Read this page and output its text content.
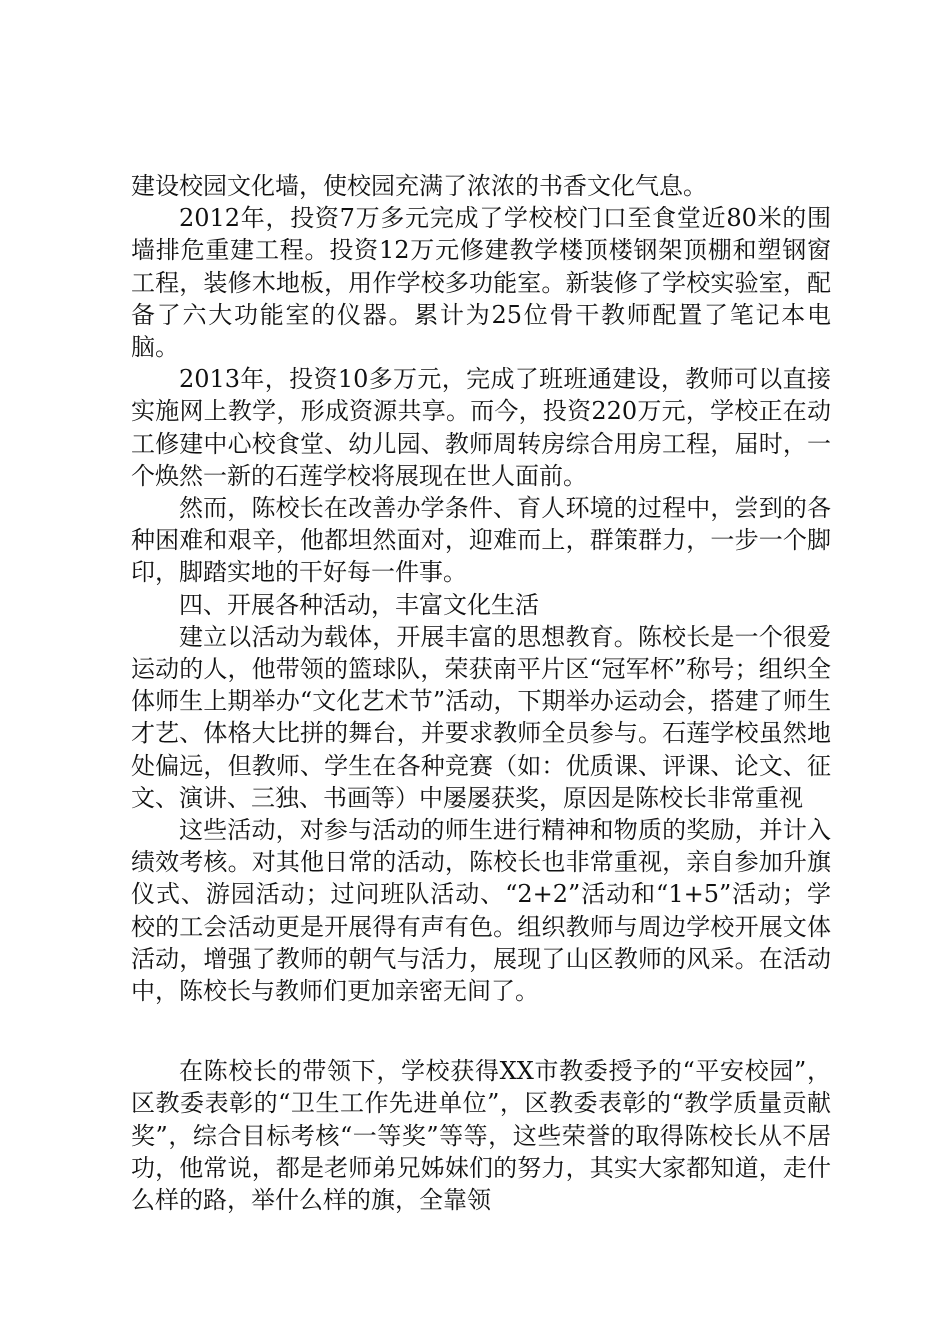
建设校园文化墙，使校园充满了浓浓的书香文化气息。

2012年，投资7万多元完成了学校校门口至食堂近80米的围墙排危重建工程。投资12万元修建教学楼顶楼钢架顶棚和塑钢窗工程，装修木地板，用作学校多功能室。新装修了学校实验室，配备了六大功能室的仪器。累计为25位骨干教师配置了笔记本电脑。

2013年，投资10多万元，完成了班班通建设，教师可以直接实施网上教学，形成资源共享。而今，投资220万元，学校正在动工修建中心校食堂、幼儿园、教师周转房综合用房工程，届时，一个焕然一新的石莲学校将展现在世人面前。

然而，陈校长在改善办学条件、育人环境的过程中，尝到的各种困难和艰辛，他都坦然面对，迎难而上，群策群力，一步一个脚印，脚踏实地的干好每一件事。

四、开展各种活动，丰富文化生活

建立以活动为载体，开展丰富的思想教育。陈校长是一个很爱运动的人，他带领的篮球队，荣获南平片区“冠军杯”称号；组织全体师生上期举办“文化艺术节”活动，下期举办运动会，搭建了师生才艺、体格大比拼的舞台，并要求教师全员参与。石莲学校虽然地处偏远，但教师、学生在各种竞赛（如：优质课、评课、论文、征文、演讲、三独、书画等）中屡屡获奖，原因是陈校长非常重视

这些活动，对参与活动的师生进行精神和物质的奖励，并计入绩效考核。对其他日常的活动，陈校长也非常重视，亲自参加升旗仪式、游园活动；过问班队活动、“2+2”活动和“1+5”活动；学校的工会活动更是开展得有声有色。组织教师与周边学校开展文体活动，增强了教师的朝气与活力，展现了山区教师的风采。在活动中，陈校长与教师们更加亲密无间了。

在陈校长的带领下，学校获得XX市教委授予的“平安校园”，区教委表彰的“卫生工作先进单位”，区教委表彰的“教学质量贡献奖”，综合目标考核“一等奖”等等，这些荣誉的取得陈校长从不居功，他常说，都是老师弟兄姊妹们的努力，其实大家都知道，走什么样的路，举什么样的旗，全靠领
